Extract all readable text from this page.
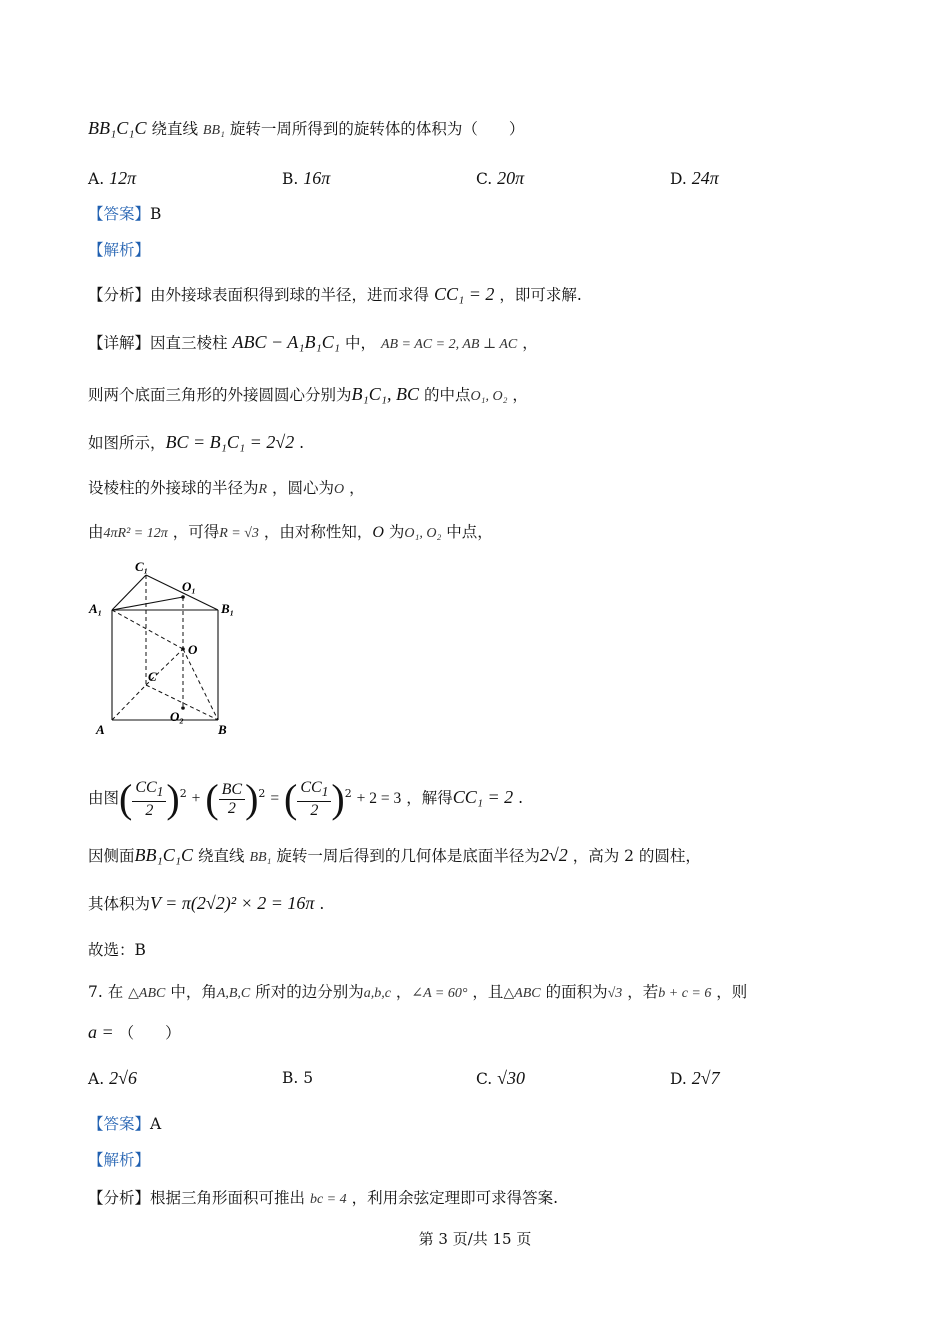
BB₁C₁C 绕直线 BB₁ 旋转一周所得到的旋转体的体积为（　　）
A. 12π	B. 16π	C. 20π	D. 24π
【答案】B
【解析】
【分析】由外接球表面积得到球的半径，进而求得 CC₁ = 2 ，即可求解.
【详解】因直三棱柱 ABC − A₁B₁C₁ 中， AB = AC = 2, AB ⊥ AC ，
则两个底面三角形的外接圆圆心分别为B₁C₁, BC 的中点O₁, O₂ ，
如图所示，BC = B₁C₁ = 2√2 .
设棱柱的外接球的半径为R ，圆心为O ，
由4πR² = 12π ，可得R = √3 ，由对称性知，O 为O₁, O₂ 中点，
C₁
O₁
A₁	B₁
O
C
O₂
A	B
由图( $\frac{CC_1}{2} )^2$ + ( $\frac{BC}{2} )^2$ = ( $\frac{CC_1}{2} )^2 + 2 = 3$ ，解得CC₁ = 2 .
因侧面BB₁C₁C 绕直线 BB₁ 旋转一周后得到的几何体是底面半径为2√2 ，高为 2 的圆柱，
其体积为V = π(2√2)² × 2 = 16π .
故选：B
7. 在 △ABC 中，角A,B,C 所对的边分别为a,b,c ，∠A = 60° ，且△ABC 的面积为√3 ，若b + c = 6 ，则
a = （　　）
A. 2√6	B. 5	C. √30	D. 2√7
【答案】A
【解析】
【分析】根据三角形面积可推出 bc = 4 ，利用余弦定理即可求得答案.
第 3 页/共 15 页
